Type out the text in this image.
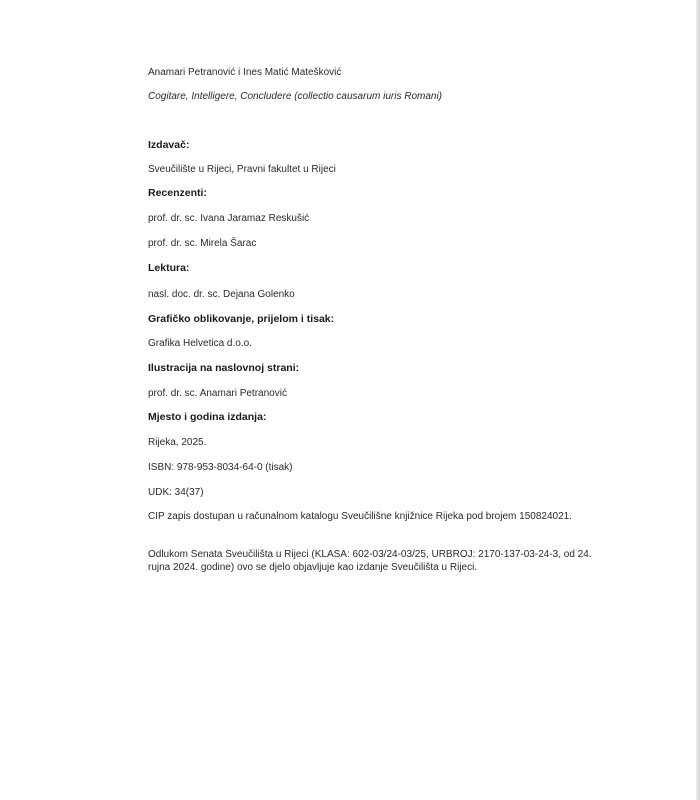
Anamari Petranović i Ines Matić Matešković
Cogitare, Intelligere, Concludere (collectio causarum iuris Romani)
Izdavač:
Sveučilište u Rijeci, Pravni fakultet u Rijeci
Recenzenti:
prof. dr. sc. Ivana Jaramaz Reskušić
prof. dr. sc. Mirela Šarac
Lektura:
nasl. doc. dr. sc. Dejana Golenko
Grafičko oblikovanje, prijelom i tisak:
Grafika Helvetica d.o.o.
Ilustracija na naslovnoj strani:
prof. dr. sc. Anamari Petranović
Mjesto i godina izdanja:
Rijeka, 2025.
ISBN: 978-953-8034-64-0 (tisak)
UDK: 34(37)
CIP zapis dostupan u računalnom katalogu Sveučilišne knjižnice Rijeka pod brojem 150824021.
Odlukom Senata Sveučilišta u Rijeci (KLASA: 602-03/24-03/25, URBROJ: 2170-137-03-24-3, od 24. rujna 2024. godine) ovo se djelo objavljuje kao izdanje Sveučilišta u Rijeci.
